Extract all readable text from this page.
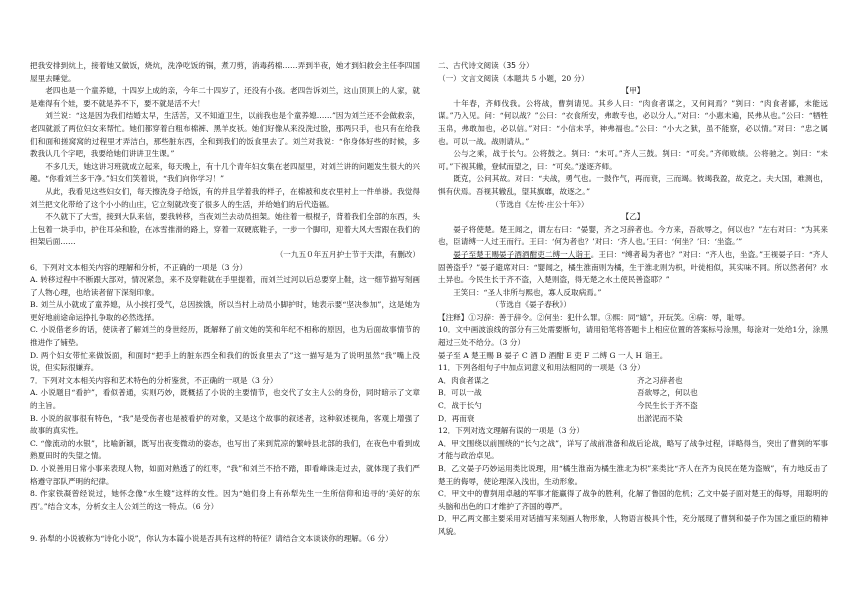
把我安排到炕上，接着她又做饭，烧炕，洗净吃饭的锅，煮刀剪，消毒药棉……弄到半夜，她才到妇救会主任李四国屋里去睡觉。

老四也是一个童养媳，十四岁上成的亲，今年二十四岁了，还没有小孩。老四告诉刘兰，这山顶顶上的人家，就是难得有个娃，要不就是养不下，要不就是活不大！

刘兰说：“这是因为我们结婚太早，生活苦，又不知道卫生，以前我也是个童养媳……”因为刘兰还不会做救亲，老四就派了两位妇女来帮忙。她们都穿着白粗布棉裤、黑羊皮袄。她们好像从来没洗过脸，那两只手，也只有在给我们和面和搓窝窝的过程里才弄洁白，那些脏东西，全和到我们的饭食里去了。刘兰对我说：“你身体好些的时候，多教我认几个字吧，我要给她们讲讲卫生课。”

不多几天，她这讲习班就成立起来，每天晚上，有十几个青年妇女集在老四屋里，对刘兰讲的问题发生很大的兴趣。“你看刘兰多干净。”妇女们笑着说，“我们向你学习！”

从此，我看见这些妇女们，每天擦洗身子给饭，有的并且学着我的样子，在棉被和皮衣里衬上一件单褂。我觉得刘兰把文化带给了这个小小的山庄，它立刻就改变了很多人的生活，并给她们的后代造福。

不久就下了大雪，接到大队来信，要我转移，当夜刘兰去动员担架。她往着一根棍子，背着我们全部的东西，头上包着一块手巾，护住耳朵和脸，在冰雪推滑的路上，穿着一双硬底鞋子，一步一个脚印，迎着大风大雪跟在我们的担架后面……

（一九五０年五月护士节于天津，有删改）

6．下列对文本相关内容的理解和分析，不正确的一项是（3 分）

A. 转移过程中不断跟大部对，情况紧急，来不及穿鞋就在手里提着，而刘兰过河以后总要穿上鞋，这一细节描写刻画了人物心理，也给读者留下深刻印象。

B. 刘兰从小就成了童养媳，从小挨打受气，总因挨饿，所以当村上动员小脚护时，她表示要“坚决参加”，这是她为更好地前途命运挣扎争取的必然选择。

C. 小说借老乡的话，使读者了解刘兰的身世经历，既解释了前文她的笑和年纪不相称的原因，也为后面故事情节的推进作了铺垫。

D. 两个妇女带忙来做饭面，和面时“把手上的脏东西全和我们的饭食里去了”这一描写是为了说明虽然“我”嘴上没说，但实际很嫌弃。

7．下列对文本相关内容和艺术特色的分析鉴赏，不正确的一项是（3 分）

A. 小说题目“看护”，看似普通，实则巧妙，既概括了小说的主要情节，也交代了女主人公的身份，同时暗示了文章的主旨。

B. 小说的叙事很有特色，“我”是受伤者也是被看护的对象，又是这个故事的叙述者，这种叙述视角，客观上增强了故事的真实性。

C. “像流动的水银”，比喻新颖，既写出夜变微动的姿态，也写出了来到荒凉的繁峙县北部的我们，在夜色中看到成熟夏田时的失望之情。

D. 小说善用日常小事来表现人物，如面对熟透了的红枣，“我”和刘兰不拾不踏，即看峰诛走过去，就体现了我们严格遵守部队严明的纪律。

8. 作家铁凝曾经说过，她怀念像“水生嫂”这样的女性。因为“她们身上有孙犁先生一生所信仰和追寻的‘美好的东西’。”结合文本，分析女主人公刘兰的这一特点。（6 分）

9. 孙犁的小说被称为“诗化小说”，你认为本篇小说是否具有这样的特征？请结合文本谈谈你的理解。（6 分）

二、古代诗文阅读（35 分）

（一）文言文阅读（本题共 5 小题，20 分）

【甲】

十年春，齐师伐我。公将战，曹刿请见。其乡人曰：“肉食者谋之，又何间焉？”刿曰：“肉食者鄙，未能远谋。”乃入见。问：“何以战？”公曰：“衣食所安，弗敢专也，必以分人。”对曰：“小惠未遍，民弗从也。”公曰：“牺牲玉帛，弗敢加也，必以信。”对曰：“小信未孚，神弗福也。”公曰：“小大之狱，虽不能察，必以情。”对曰：“忠之属也。可以一战。战则请从。”

公与之乘，战于长勺。公将鼓之。刿曰：“未可。”齐人三鼓。刿曰：“可矣。”齐师败绩。公将驰之。刿曰：“未可。”下视其辙，登轼而望之，曰：“可矣。”遂逐齐师。

既克，公问其故。对曰：“夫战，勇气也。一鼓作气，再而衰，三而竭。彼竭我盈，故克之。夫大国，难测也，惧有伏焉。吾视其辙乱，望其旗靡，故逐之。”

（节选自《左传·庄公十年》）

【乙】

晏子将使楚。楚王闻之，谓左右曰：“晏婴，齐之习辞者也。今方来，吾欲辱之，何以也？”左右对曰：“为其来也，臣请缚一人过王而行。王曰：‘何为者也？’对曰：‘齐人也。’王曰：‘何坐？’曰：‘坐盗。’”

晏子至楚王赐晏子酒酒酣吏二缚一人诣王。王曰：“缚者曷为者也？”对曰：“齐人也，坐盗。”王视晏子曰：“齐人固善盗乎？”晏子避席对曰：“婴闻之，橘生淮南则为橘，生于淮北则为枳，叶徒相似，其实味不同。所以然者何？水土异也。今民生长于齐不盗，入楚则盗，得无楚之水土使民善盗耶？”

王笑曰：“圣人非所与熙也，寡人反取病焉。”

（节选自《晏子春秋》）

【注释】①习辞：善于辞令。②何坐：犯什么罪。③熙：同“嬉”，开玩笑。④病：辱，耻辱。

10．文中画波浪线的部分有三处需要断句，请用铅笔将答题卡上相应位置的答案标号涂黑，每涂对一处给1分，涂黑超过三处不给分。（3 分）

晏子至 A 楚王赐 B 晏子 C 酒 D 酒酣 E 吏 F 二缚 G 一人 H 诣王。

11．下列各组句子中加点词意义和用法相同的一项是（3 分）

A．肉食者谋之	齐之习辞者也
B．可以一战	吾欲辱之，何以也
C．战于长勺	今民生长于齐不盗
D．再而衰	出淤泥而不染

12．下列对选文理解有误的一项是（3 分）

A．甲文围绕以前围绕的“长勺之战”，详写了战前准备和战后论战，略写了战争过程，详略得当，突出了曹刿的军事才能与政治卓见。

B．乙文晏子巧妙运用类比说理，用“橘生淮南为橘生淮北为枳”来类比“齐人在齐为良民在楚为盗贼”，有力地反击了楚王的侮辱，使论理深入浅出，生动形象。

C．甲文中的曹刿用卓越的军事才能赢得了战争的胜利，化解了鲁国的危机；乙文中晏子面对楚王的侮辱，用聪明的头脑和出色的口才维护了齐国的尊严。

D．甲乙两文都主要采用对话描写来刻画人物形象，人物语言极具个性，充分展现了曹刿和晏子作为国之重臣的精神风貌。
